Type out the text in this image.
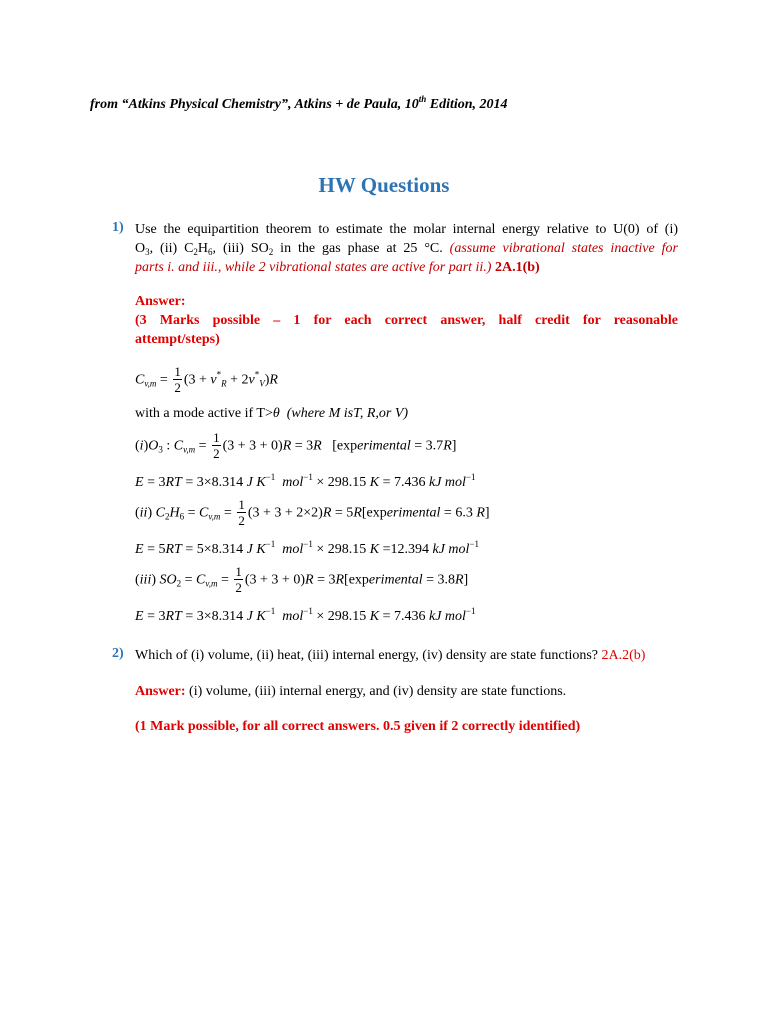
from “Atkins Physical Chemistry”, Atkins + de Paula, 10th Edition, 2014
HW Questions
1) Use the equipartition theorem to estimate the molar internal energy relative to U(0) of (i)
$O_3$, (ii) $C_2H_6$, (iii) $SO_2$ in the gas phase at 25 °C. (assume vibrational states inactive for
parts i. and iii., while 2 vibrational states are active for part ii.) 2A.1(b)
Answer:
(3 Marks possible – 1 for each correct answer, half credit for reasonable
attempt/steps)
$C_{v,m} = \frac{1}{2} (3 + v^*_R + 2v^*_V)R$
with a mode active if T>θ (where M isT, R,or V)
$(i)O_3$ : $C_{v,m} = \frac{1}{2} (3 + 3 + 0)R = 3R$   [experimental = 3.7R]
E = 3RT = 3×8.314 J $K^{-1}$ mol$^{-1}$ × 298.15 K = 7.436 kJ mol$^{-1}$
(ii) $C_2H_6 = C_{v,m} = \frac{1}{2} (3 + 3 + 2\times 2)R$ = 5R[experimental = 6.3 R]
E = 5RT = 5×8.314 J $K^{-1}$ mol$^{-1}$ × 298.15 K =12.394 kJ mol$^{-1}$
(iii) $SO_2 = C_{v,m} = \frac{1}{2} (3 + 3 + 0)R$ = 3R[experimental = 3.8R]
E = 3RT = 3×8.314 J $K^{-1}$ mol$^{-1}$ × 298.15 K = 7.436 kJ mol$^{-1}$
2) Which of (i) volume, (ii) heat, (iii) internal energy, (iv) density are state functions? 2A.2(b)
Answer: (i) volume, (iii) internal energy, and (iv) density are state functions.
(1 Mark possible, for all correct answers. 0.5 given if 2 correctly identified)
